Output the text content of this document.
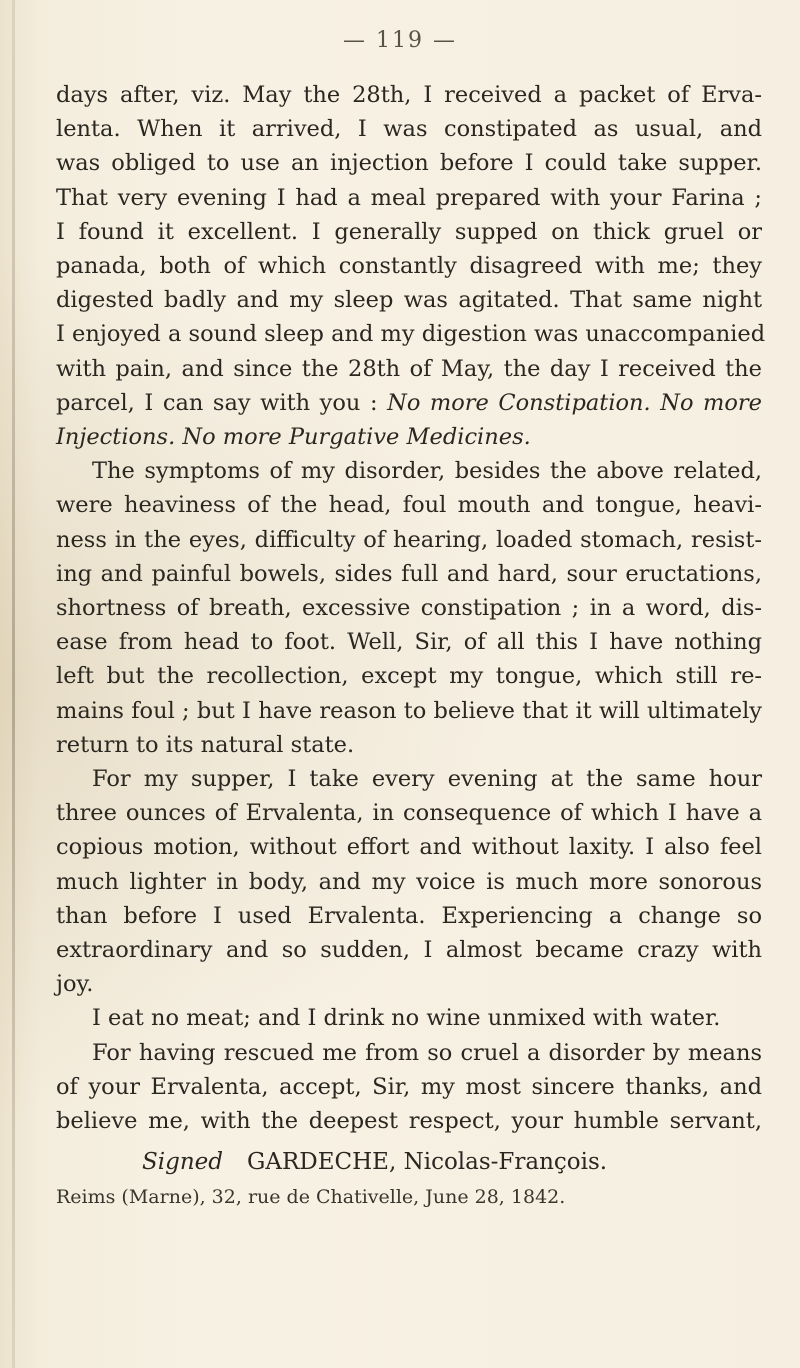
— 119 —
days after, viz. May the 28th, I received a packet of Erva-
lenta. When it arrived, I was constipated as usual, and
was obliged to use an injection before I could take supper.
That very evening I had a meal prepared with your Farina ;
I found it excellent. I generally supped on thick gruel or
panada, both of which constantly disagreed with me; they
digested badly and my sleep was agitated. That same night
I enjoyed a sound sleep and my digestion was unaccompanied
with pain, and since the 28th of May, the day I received the
parcel, I can say with you : No more Constipation. No more
Injections. No more Purgative Medicines.
The symptoms of my disorder, besides the above related,
were heaviness of the head, foul mouth and tongue, heavi-
ness in the eyes, difficulty of hearing, loaded stomach, resist-
ing and painful bowels, sides full and hard, sour eructations,
shortness of breath, excessive constipation ; in a word, dis-
ease from head to foot. Well, Sir, of all this I have nothing
left but the recollection, except my tongue, which still re-
mains foul ; but I have reason to believe that it will ultimately
return to its natural state.
For my supper, I take every evening at the same hour
three ounces of Ervalenta, in consequence of which I have a
copious motion, without effort and without laxity. I also feel
much lighter in body, and my voice is much more sonorous
than before I used Ervalenta. Experiencing a change so
extraordinary and so sudden, I almost became crazy with
joy.
I eat no meat; and I drink no wine unmixed with water.
For having rescued me from so cruel a disorder by means
of your Ervalenta, accept, Sir, my most sincere thanks, and
believe me, with the deepest respect, your humble servant,
Signed GARDECHE, Nicolas-François.
Reims (Marne), 32, rue de Chativelle, June 28, 1842.
